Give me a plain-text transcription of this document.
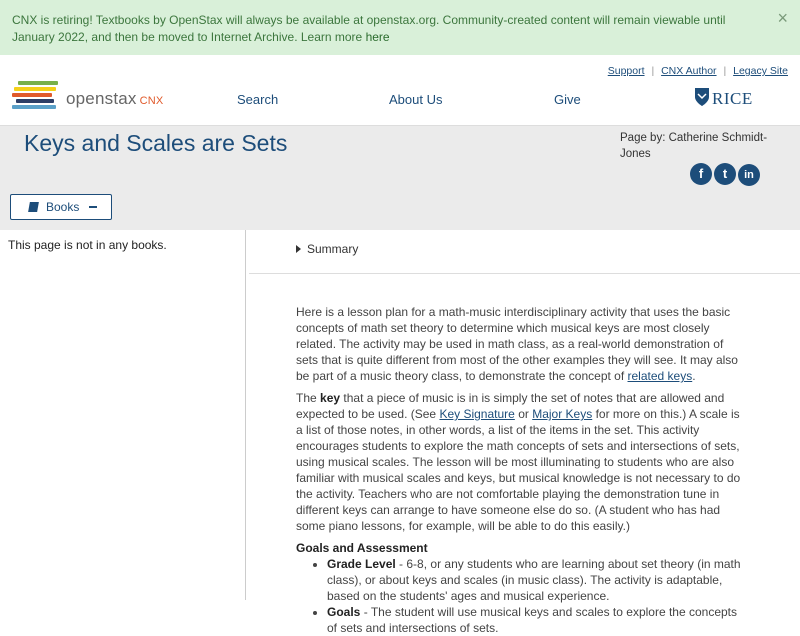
CNX is retiring! Textbooks by OpenStax will always be available at openstax.org. Community-created content will remain viewable until January 2022, and then be moved to Internet Archive. Learn more here
×
Support | CNX Author | Legacy Site
openstax CNX	Search	About Us	Give	RICE
Keys and Scales are Sets	Page by: Catherine Schmidt-Jones
f t in
Books
This page is not in any books.	Summary

Here is a lesson plan for a math-music interdisciplinary activity that uses the basic concepts of math set theory to determine which musical keys are most closely related. The activity may be used in math class, as a real-world demonstration of sets that is quite different from most of the other examples they will see. It may also be part of a music theory class, to demonstrate the concept of related keys.

The key that a piece of music is in is simply the set of notes that are allowed and expected to be used. (See Key Signature or Major Keys for more on this.) A scale is a list of those notes, in other words, a list of the items in the set. This activity encourages students to explore the math concepts of sets and intersections of sets, using musical scales. The lesson will be most illuminating to students who are also familiar with musical scales and keys, but musical knowledge is not necessary to do the activity. Teachers who are not comfortable playing the demonstration tune in different keys can arrange to have someone else do so. (A student who has had some piano lessons, for example, will be able to do this easily.)

Goals and Assessment
• Grade Level - 6-8, or any students who are learning about set theory (in math class), or about keys and scales (in music class). The activity is adaptable, based on the students' ages and musical experience.
• Goals - The student will use musical keys and scales to explore the concepts of sets and intersections of sets.
